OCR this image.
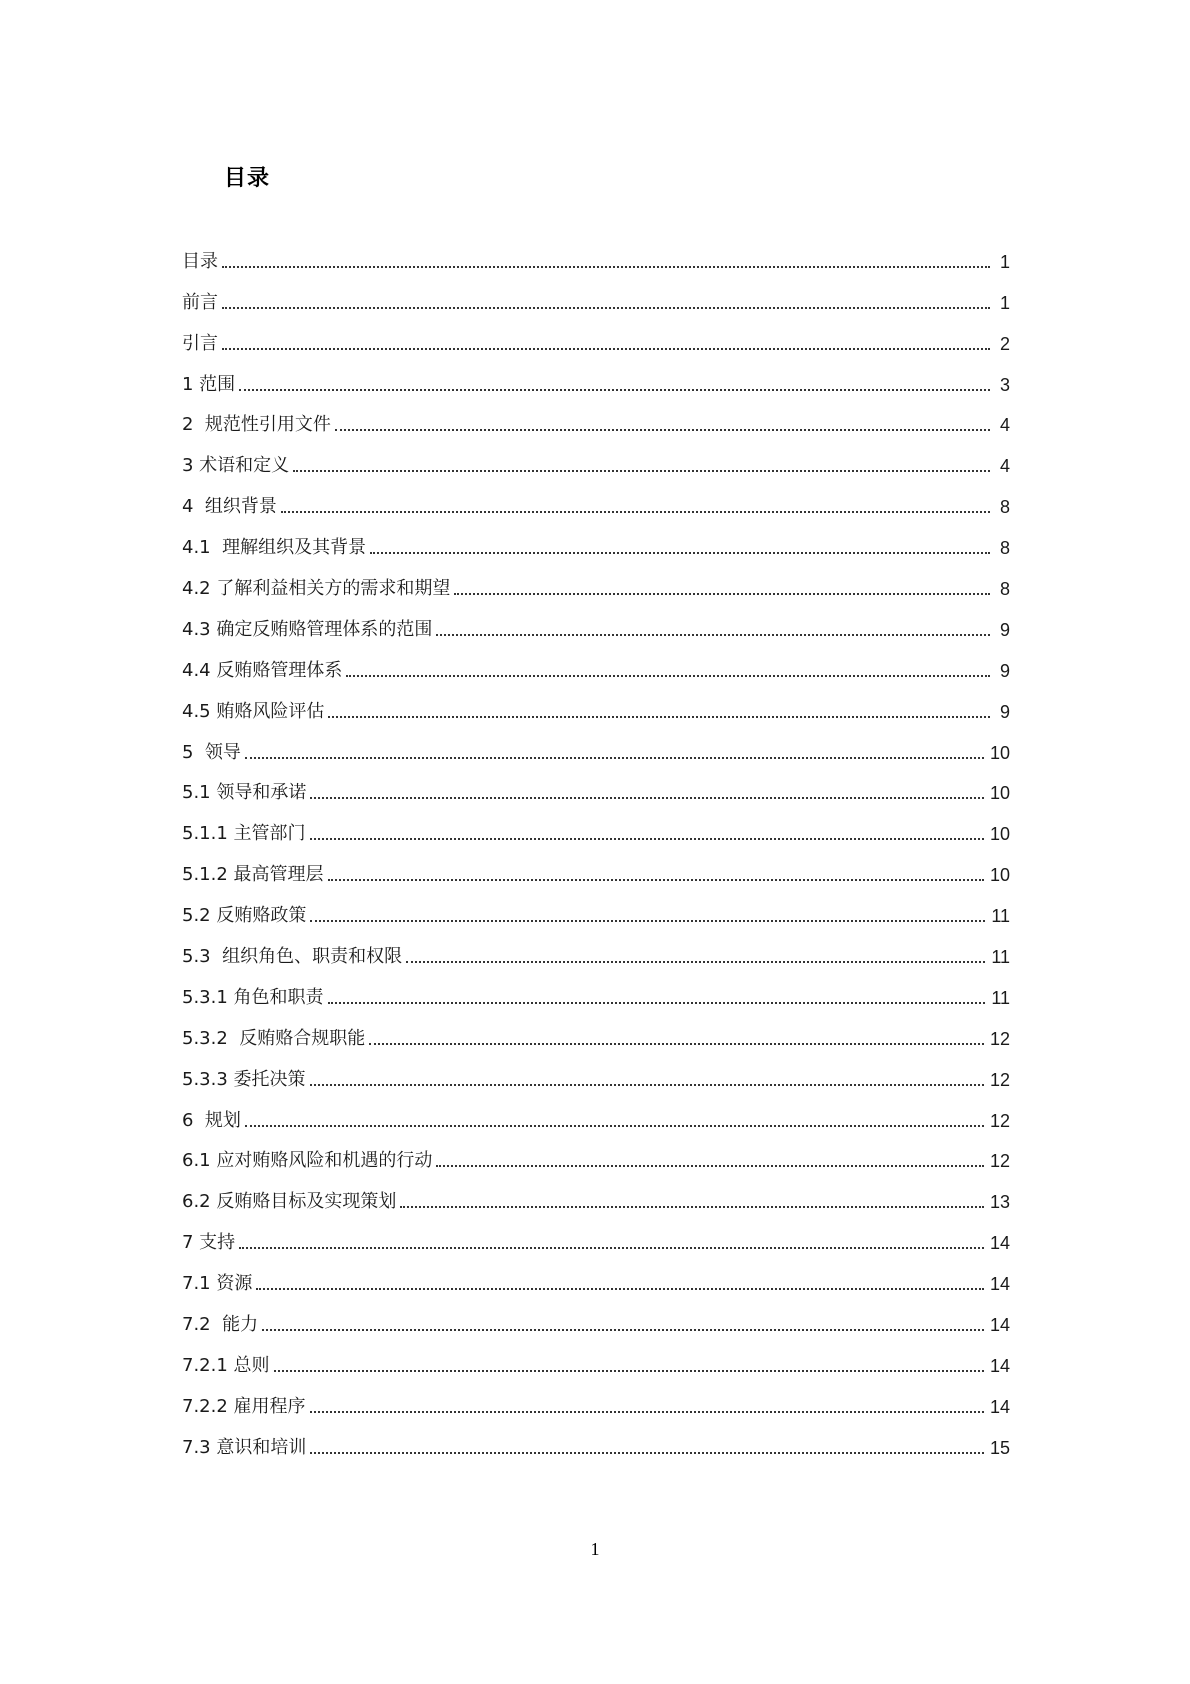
目录
目录	1
前言	1
引言	2
1 范围	3
2  规范性引用文件	4
3 术语和定义	4
4  组织背景	8
4.1  理解组织及其背景	8
4.2 了解利益相关方的需求和期望	8
4.3 确定反贿赂管理体系的范围	9
4.4 反贿赂管理体系	9
4.5 贿赂风险评估	9
5  领导	10
5.1 领导和承诺	10
5.1.1 主管部门	10
5.1.2 最高管理层	10
5.2 反贿赂政策	11
5.3  组织角色、职责和权限	11
5.3.1 角色和职责	11
5.3.2  反贿赂合规职能	12
5.3.3 委托决策	12
6  规划	12
6.1 应对贿赂风险和机遇的行动	12
6.2 反贿赂目标及实现策划	13
7 支持	14
7.1 资源	14
7.2  能力	14
7.2.1 总则	14
7.2.2 雇用程序	14
7.3 意识和培训	15
1
